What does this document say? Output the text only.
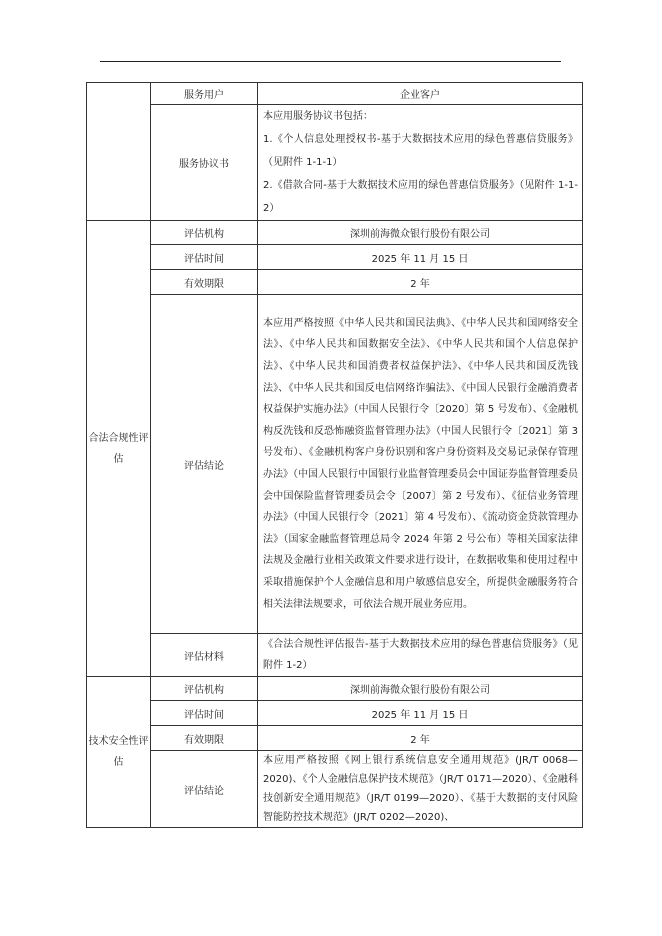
	服务用户	企业客户
	服务协议书	本应用服务协议书包括：

1.《个人信息处理授权书-基于大数据技术应用的绿色普惠信贷服务》（见附件 1-1-1）

2.《借款合同-基于大数据技术应用的绿色普惠信贷服务》（见附件 1-1-2）

合法合规性评估	评估机构	深圳前海微众银行股份有限公司
	评估时间	2025 年 11 月 15 日
	有效期限	2 年
	评估结论	本应用严格按照《中华人民共和国民法典》、《中华人民共和国网络安全法》、《中华人民共和国数据安全法》、《中华人民共和国个人信息保护法》、《中华人民共和国消费者权益保护法》、《中华人民共和国反洗钱法》、《中华人民共和国反电信网络诈骗法》、《中国人民银行金融消费者权益保护实施办法》（中国人民银行令〔2020〕第 5 号发布）、《金融机构反洗钱和反恐怖融资监督管理办法》（中国人民银行令〔2021〕第 3 号发布）、《金融机构客户身份识别和客户身份资料及交易记录保存管理办法》（中国人民银行中国银行业监督管理委员会中国证券监督管理委员会中国保险监督管理委员会令〔2007〕第 2 号发布）、《征信业务管理办法》（中国人民银行令〔2021〕第 4 号发布）、《流动资金贷款管理办法》（国家金融监督管理总局令 2024 年第 2 号公布）等相关国家法律法规及金融行业相关政策文件要求进行设计，在数据收集和使用过程中采取措施保护个人金融信息和用户敏感信息安全，所提供金融服务符合相关法律法规要求，可依法合规开展业务应用。

	评估材料	《合法合规性评估报告-基于大数据技术应用的绿色普惠信贷服务》（见附件 1-2）

技术安全性评估	评估机构	深圳前海微众银行股份有限公司
	评估时间	2025 年 11 月 15 日
	有效期限	2 年
	评估结论	本应用严格按照《网上银行系统信息安全通用规范》(JR/T 0068—2020)、《个人金融信息保护技术规范》（JR/T 0171—2020）、《金融科技创新安全通用规范》（JR/T 0199—2020）、《基于大数据的支付风险智能防控技术规范》(JR/T 0202—2020)、
